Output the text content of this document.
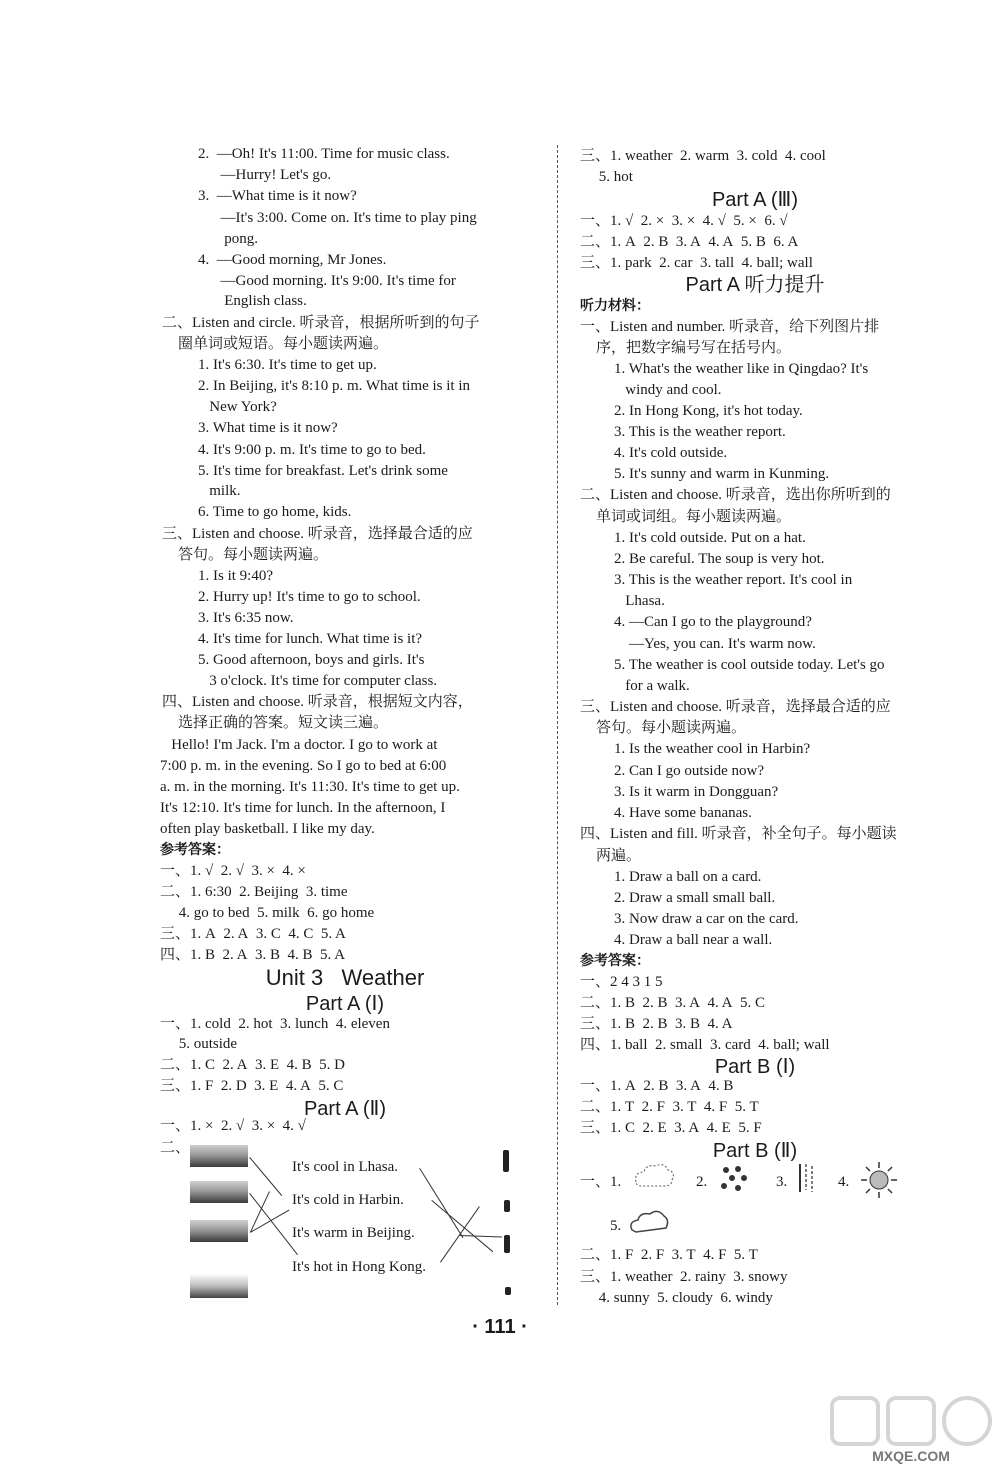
2.  —Oh! It's 11:00. Time for music class.
—Hurry! Let's go.
3.  —What time is it now?
—It's 3:00. Come on. It's time to play ping
pong.
4.  —Good morning, Mr Jones.
—Good morning. It's 9:00. It's time for
English class.
二、Listen and circle. 听录音，根据所听到的句子
圈单词或短语。每小题读两遍。
1. It's 6:30. It's time to get up.
2. In Beijing, it's 8:10 p. m. What time is it in
New York?
3. What time is it now?
4. It's 9:00 p. m. It's time to go to bed.
5. It's time for breakfast. Let's drink some
milk.
6. Time to go home, kids.
三、Listen and choose. 听录音，选择最合适的应
答句。每小题读两遍。
1. Is it 9:40?
2. Hurry up! It's time to go to school.
3. It's 6:35 now.
4. It's time for lunch. What time is it?
5. Good afternoon, boys and girls. It's
3 o'clock. It's time for computer class.
四、Listen and choose. 听录音，根据短文内容，
选择正确的答案。短文读三遍。
Hello! I'm Jack. I'm a doctor. I go to work at
7:00 p. m. in the evening. So I go to bed at 6:00
a. m. in the morning. It's 11:30. It's time to get up.
It's 12:10. It's time for lunch. In the afternoon, I
often play basketball. I like my day.
参考答案：
一、1. √  2. √  3. ×  4. ×
二、1. 6:30  2. Beijing  3. time
4. go to bed  5. milk  6. go home
三、1. A  2. A  3. C  4. C  5. A
四、1. B  2. A  3. B  4. B  5. A
Unit 3   Weather
Part A (Ⅰ)
一、1. cold  2. hot  3. lunch  4. eleven
5. outside
二、1. C  2. A  3. E  4. B  5. D
三、1. F  2. D  3. E  4. A  5. C
Part A (Ⅱ)
一、1. ×  2. √  3. ×  4. √
二、
It's cool in Lhasa.
It's cold in Harbin.
It's warm in Beijing.
It's hot in Hong Kong.
三、1. weather  2. warm  3. cold  4. cool
5. hot
Part A (Ⅲ)
一、1. √  2. ×  3. ×  4. √  5. ×  6. √
二、1. A  2. B  3. A  4. A  5. B  6. A
三、1. park  2. car  3. tall  4. ball; wall
Part A 听力提升
听力材料：
一、Listen and number. 听录音，给下列图片排
序，把数字编号写在括号内。
1. What's the weather like in Qingdao? It's
windy and cool.
2. In Hong Kong, it's hot today.
3. This is the weather report.
4. It's cold outside.
5. It's sunny and warm in Kunming.
二、Listen and choose. 听录音，选出你所听到的
单词或词组。每小题读两遍。
1. It's cold outside. Put on a hat.
2. Be careful. The soup is very hot.
3. This is the weather report. It's cool in
Lhasa.
4. —Can I go to the playground?
—Yes, you can. It's warm now.
5. The weather is cool outside today. Let's go
for a walk.
三、Listen and choose. 听录音，选择最合适的应
答句。每小题读两遍。
1. Is the weather cool in Harbin?
2. Can I go outside now?
3. Is it warm in Dongguan?
4. Have some bananas.
四、Listen and fill. 听录音，补全句子。每小题读
两遍。
1. Draw a ball on a card.
2. Draw a small small ball.
3. Now draw a car on the card.
4. Draw a ball near a wall.
参考答案：
一、2 4 3 1 5
二、1. B  2. B  3. A  4. A  5. C
三、1. B  2. B  3. B  4. A
四、1. ball  2. small  3. card  4. ball; wall
Part B (Ⅰ)
一、1. A  2. B  3. A  4. B
二、1. T  2. F  3. T  4. F  5. T
三、1. C  2. E  3. A  4. E  5. F
Part B (Ⅱ)
一、 1.	2.	3.	4.
5.
二、1. F  2. F  3. T  4. F  5. T
三、1. weather  2. rainy  3. snowy
4. sunny  5. cloudy  6. windy
· 111 ·
MXQE.COM
